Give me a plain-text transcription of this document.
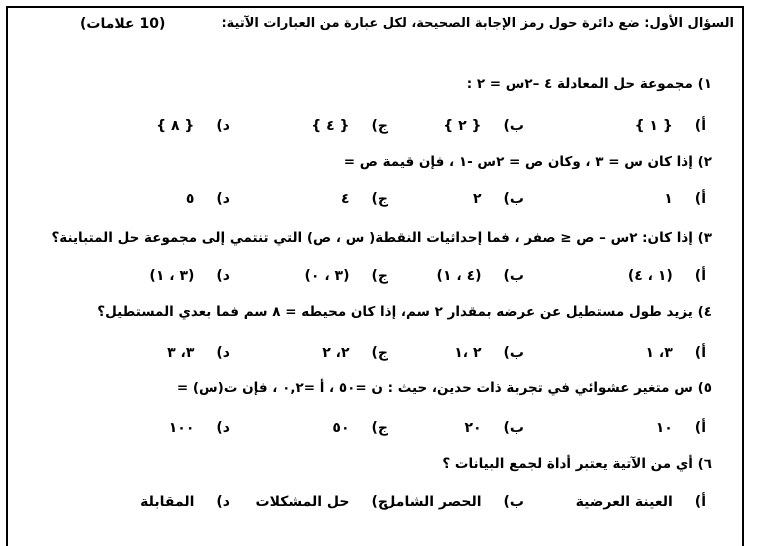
السؤال الأول: ضع دائرة حول رمز الإجابة الصحيحة، لكل عبارة من العبارات الآتية:
(10 علامات)
١) مجموعة حل المعادلة ٤ –٢س = ٢ :
أ){ ١ }
ب){ ٢ }
ج){ ٤ }
د){ ٨ }
٢) إذا كان س = ٣ ، وكان ص = ٢س -١ ، فإن قيمة ص =
أ)١
ب)٢
ج)٤
د)٥
٣) إذا كان: ٢س – ص ≤ صفر ، فما إحداثيات النقطة( س ، ص) التي تنتمي إلى مجموعة حل المتباينة؟
أ)(١ ، ٤)
ب)(٤ ، ١)
ج)(٣ ، ٠)
د)(٣ ، ١)
٤) يزيد طول مستطيل عن عرضه بمقدار ٢ سم، إذا كان محيطه = ٨ سم فما بعدي المستطيل؟
أ)٣، ١
ب)٢ ،١
ج)٢، ٢
د)٣، ٣
٥) س متغير عشوائي في تجربة ذات حدين، حيث : ن =٥٠ ، أ =٠,٢ ، فإن ت(س) =
أ)١٠
ب)٢٠
ج)٥٠
د)١٠٠
٦) أي من الآتية يعتبر أداة لجمع البيانات ؟
أ)العينة العرضية
ب)الحصر الشامل
ج)حل المشكلات
د)المقابلة
